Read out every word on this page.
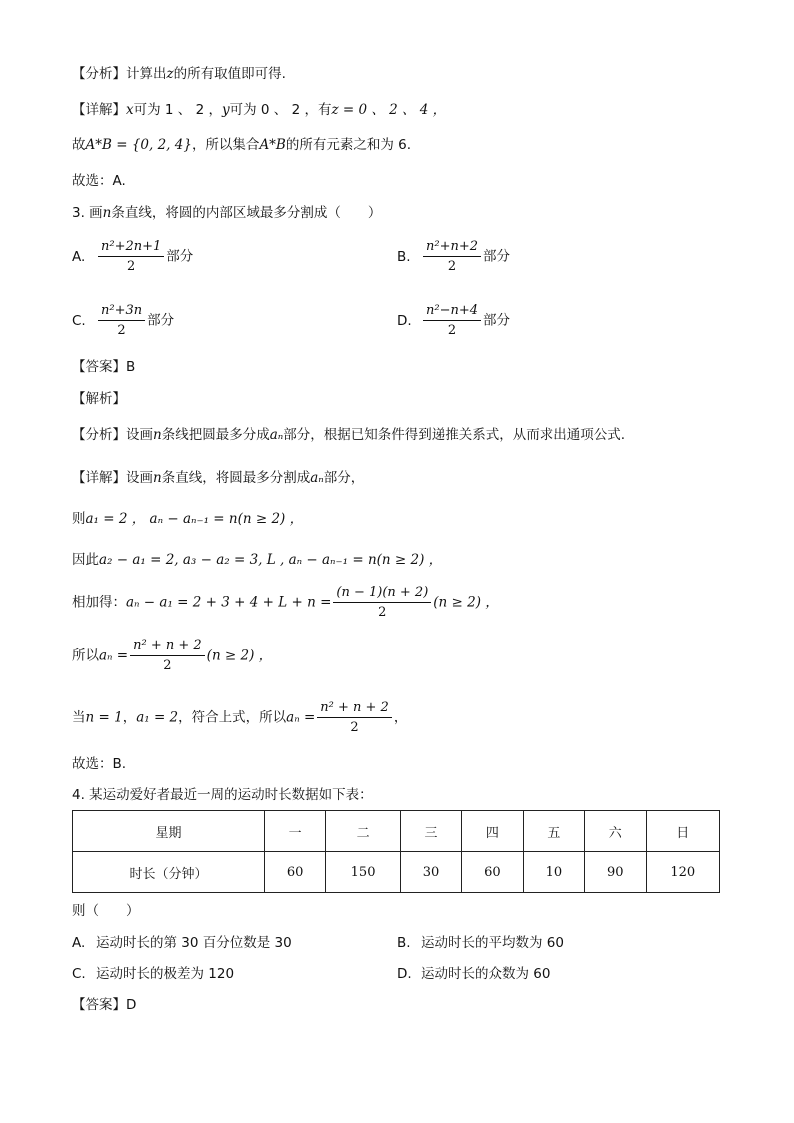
【分析】计算出z的所有取值即可得.
【详解】x可为 1 、 2 ，y可为 0 、 2 ，有z = 0 、 2 、 4 ，
故A*B = {0, 2, 4}，所以集合A*B的所有元素之和为 6.
故选：A.
3. 画n条直线，将圆的内部区域最多分割成（　　）
A. $\frac{\text{n²+2n+1}}{2}$ 部分	B. $\frac{\text{n²+n+2}}{2}$ 部分
C. $\frac{\text{n²+3n}}{2}$ 部分	D. $\frac{\text{n²−n+4}}{2}$ 部分
【答案】B
【解析】
【分析】设画n条线把圆最多分成aₙ部分，根据已知条件得到递推关系式，从而求出通项公式.
【详解】设画n条直线，将圆最多分割成aₙ部分，
则a₁ = 2 ， aₙ − aₙ₋₁ = n(n ≥ 2) ，
因此a₂ − a₁ = 2, a₃ − a₂ = 3, L , aₙ − aₙ₋₁ = n(n ≥ 2) ，
相加得：$a_n - a_1 = 2 + 3 + 4 + L + n = \frac{(n - 1)(n + 2)}{2} (n \ge 2)$ ，
所以$a_n = \frac{\text{n² + n + 2}}{2} (n \ge 2)$ ，
当n = 1，a₁ = 2，符合上式，所以$a_n = \frac{\text{n² + n + 2}}{2}$ ，
故选：B.
4. 某运动爱好者最近一周的运动时长数据如下表：
星期	一	二	三	四	五	六	日
时长（分钟）	60	150	30	60	10	90	120
则（　　）
A. 运动时长的第 30 百分位数是 30	B. 运动时长的平均数为 60
C. 运动时长的极差为 120	D. 运动时长的众数为 60
【答案】D
